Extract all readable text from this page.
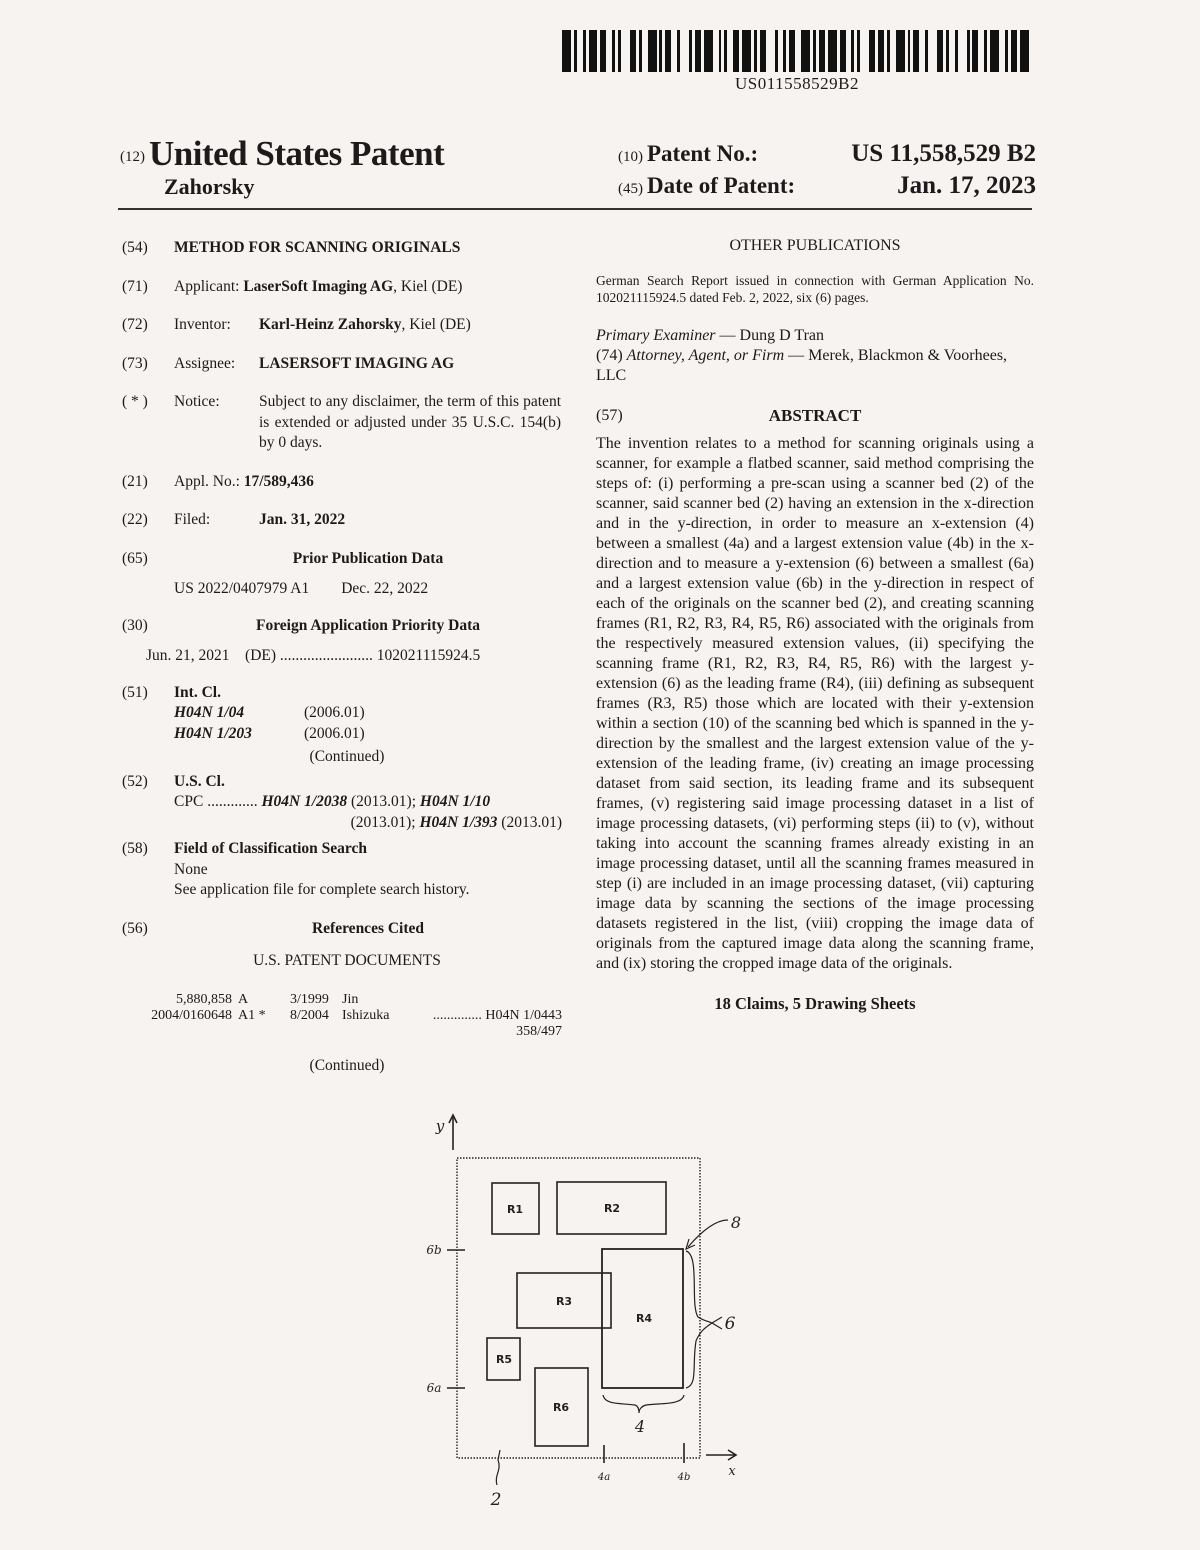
US011558529B2
(12) United States Patent
Zahorsky
(10) Patent No.:	US 11,558,529 B2
(45) Date of Patent:	Jan. 17, 2023
(54)	METHOD FOR SCANNING ORIGINALS
(71)	Applicant: LaserSoft Imaging AG, Kiel (DE)
(72)	Inventor: Karl-Heinz Zahorsky, Kiel (DE)
(73)	Assignee: LASERSOFT IMAGING AG
( * )	Notice:	Subject to any disclaimer, the term of this patent is extended or adjusted under 35 U.S.C. 154(b) by 0 days.
(21)	Appl. No.: 17/589,436
(22)	Filed:	Jan. 31, 2022
(65)	Prior Publication Data
US 2022/0407979 A1 Dec. 22, 2022
(30)	Foreign Application Priority Data
Jun. 21, 2021 (DE) ........................ 102021115924.5
(51)	Int. Cl.
H04N 1/04	(2006.01)
H04N 1/203	(2006.01)
(Continued)
(52)	U.S. Cl.
CPC ............. H04N 1/2038 (2013.01); H04N 1/10
(2013.01); H04N 1/393 (2013.01)
(58)	Field of Classification Search
None
See application file for complete search history.
(56)	References Cited
U.S. PATENT DOCUMENTS
5,880,858 A	3/1999 Jin
2004/0160648 A1 *	8/2004 Ishizuka	.............. H04N 1/0443
358/497
(Continued)
OTHER PUBLICATIONS
German Search Report issued in connection with German Application No. 102021115924.5 dated Feb. 2, 2022, six (6) pages.
Primary Examiner — Dung D Tran
(74) Attorney, Agent, or Firm — Merek, Blackmon & Voorhees, LLC
(57)	ABSTRACT
The invention relates to a method for scanning originals using a scanner, for example a flatbed scanner, said method comprising the steps of: (i) performing a pre-scan using a scanner bed (2) of the scanner, said scanner bed (2) having an extension in the x-direction and in the y-direction, in order to measure an x-extension (4) between a smallest (4a) and a largest extension value (4b) in the x-direction and to measure a y-extension (6) between a smallest (6a) and a largest extension value (6b) in the y-direction in respect of each of the originals on the scanner bed (2), and creating scanning frames (R1, R2, R3, R4, R5, R6) associated with the originals from the respectively measured extension values, (ii) specifying the scanning frame (R1, R2, R3, R4, R5, R6) with the largest y-extension (6) as the leading frame (R4), (iii) defining as subsequent frames (R3, R5) those which are located with their y-extension within a section (10) of the scanning bed which is spanned in the y-direction by the smallest and the largest extension value of the y-extension of the leading frame, (iv) creating an image processing dataset from said section, its leading frame and its subsequent frames, (v) registering said image processing dataset in a list of image processing datasets, (vi) performing steps (ii) to (v), without taking into account the scanning frames already existing in an image processing dataset, until all the scanning frames measured in step (i) are included in an image processing dataset, (vii) capturing image data by scanning the sections of the image processing datasets registered in the list, (viii) cropping the image data of originals from the captured image data along the scanning frame, and (ix) storing the cropped image data of the originals.
18 Claims, 5 Drawing Sheets
R1	R2
R3
R4
R5
R6
y
6b
6a
8
6
4
4a	4b	x
2
